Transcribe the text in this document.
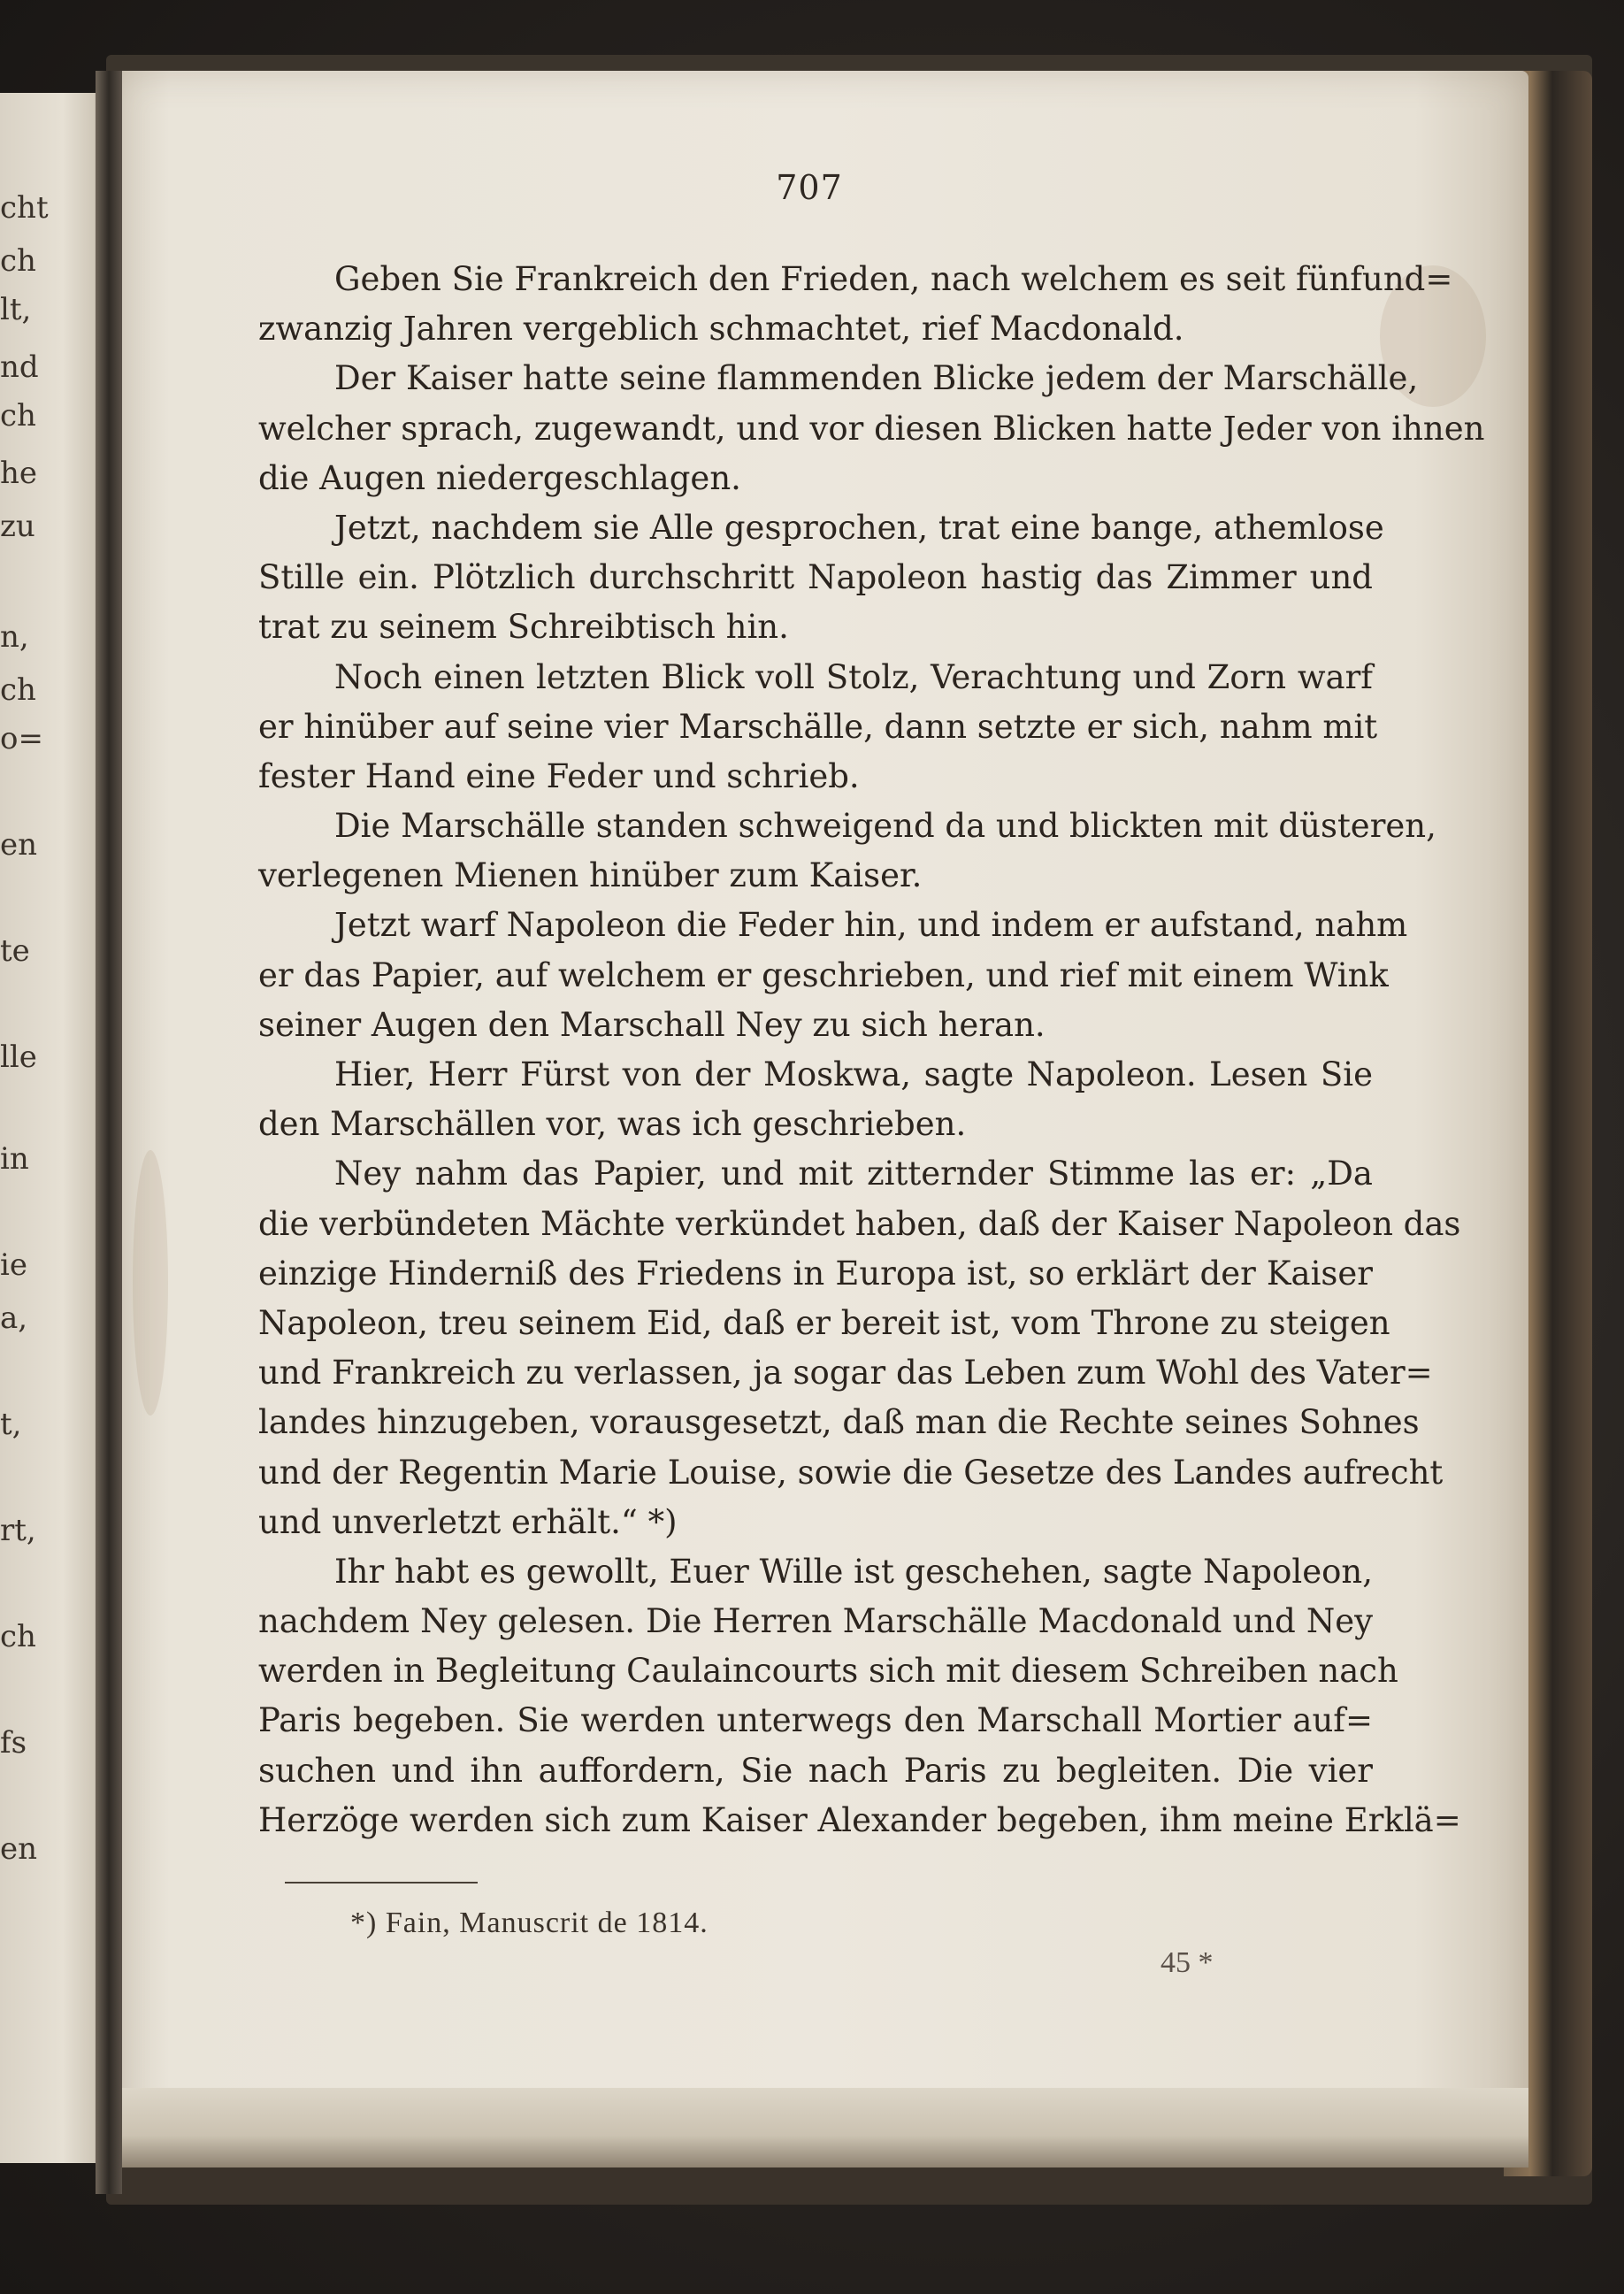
cht
ch
lt,
nd
ch
he
zu
n,
ch
o=
en
te
lle
in
ie
a,
t,
rt,
ch
fs
en
707
Geben Sie Frankreich den Frieden, nach welchem es seit fünfund=
zwanzig Jahren vergeblich schmachtet, rief Macdonald.
Der Kaiser hatte seine flammenden Blicke jedem der Marschälle,
welcher sprach, zugewandt, und vor diesen Blicken hatte Jeder von ihnen
die Augen niedergeschlagen.
Jetzt, nachdem sie Alle gesprochen, trat eine bange, athemlose
Stille ein. Plötzlich durchschritt Napoleon hastig das Zimmer und
trat zu seinem Schreibtisch hin.
Noch einen letzten Blick voll Stolz, Verachtung und Zorn warf
er hinüber auf seine vier Marschälle, dann setzte er sich, nahm mit
fester Hand eine Feder und schrieb.
Die Marschälle standen schweigend da und blickten mit düsteren,
verlegenen Mienen hinüber zum Kaiser.
Jetzt warf Napoleon die Feder hin, und indem er aufstand, nahm
er das Papier, auf welchem er geschrieben, und rief mit einem Wink
seiner Augen den Marschall Ney zu sich heran.
Hier, Herr Fürst von der Moskwa, sagte Napoleon. Lesen Sie
den Marschällen vor, was ich geschrieben.
Ney nahm das Papier, und mit zitternder Stimme las er: „Da
die verbündeten Mächte verkündet haben, daß der Kaiser Napoleon das
einzige Hinderniß des Friedens in Europa ist, so erklärt der Kaiser
Napoleon, treu seinem Eid, daß er bereit ist, vom Throne zu steigen
und Frankreich zu verlassen, ja sogar das Leben zum Wohl des Vater=
landes hinzugeben, vorausgesetzt, daß man die Rechte seines Sohnes
und der Regentin Marie Louise, sowie die Gesetze des Landes aufrecht
und unverletzt erhält.“ *)
Ihr habt es gewollt, Euer Wille ist geschehen, sagte Napoleon,
nachdem Ney gelesen. Die Herren Marschälle Macdonald und Ney
werden in Begleitung Caulaincourts sich mit diesem Schreiben nach
Paris begeben. Sie werden unterwegs den Marschall Mortier auf=
suchen und ihn auffordern, Sie nach Paris zu begleiten. Die vier
Herzöge werden sich zum Kaiser Alexander begeben, ihm meine Erklä=
*) Fain, Manuscrit de 1814.
45 *
